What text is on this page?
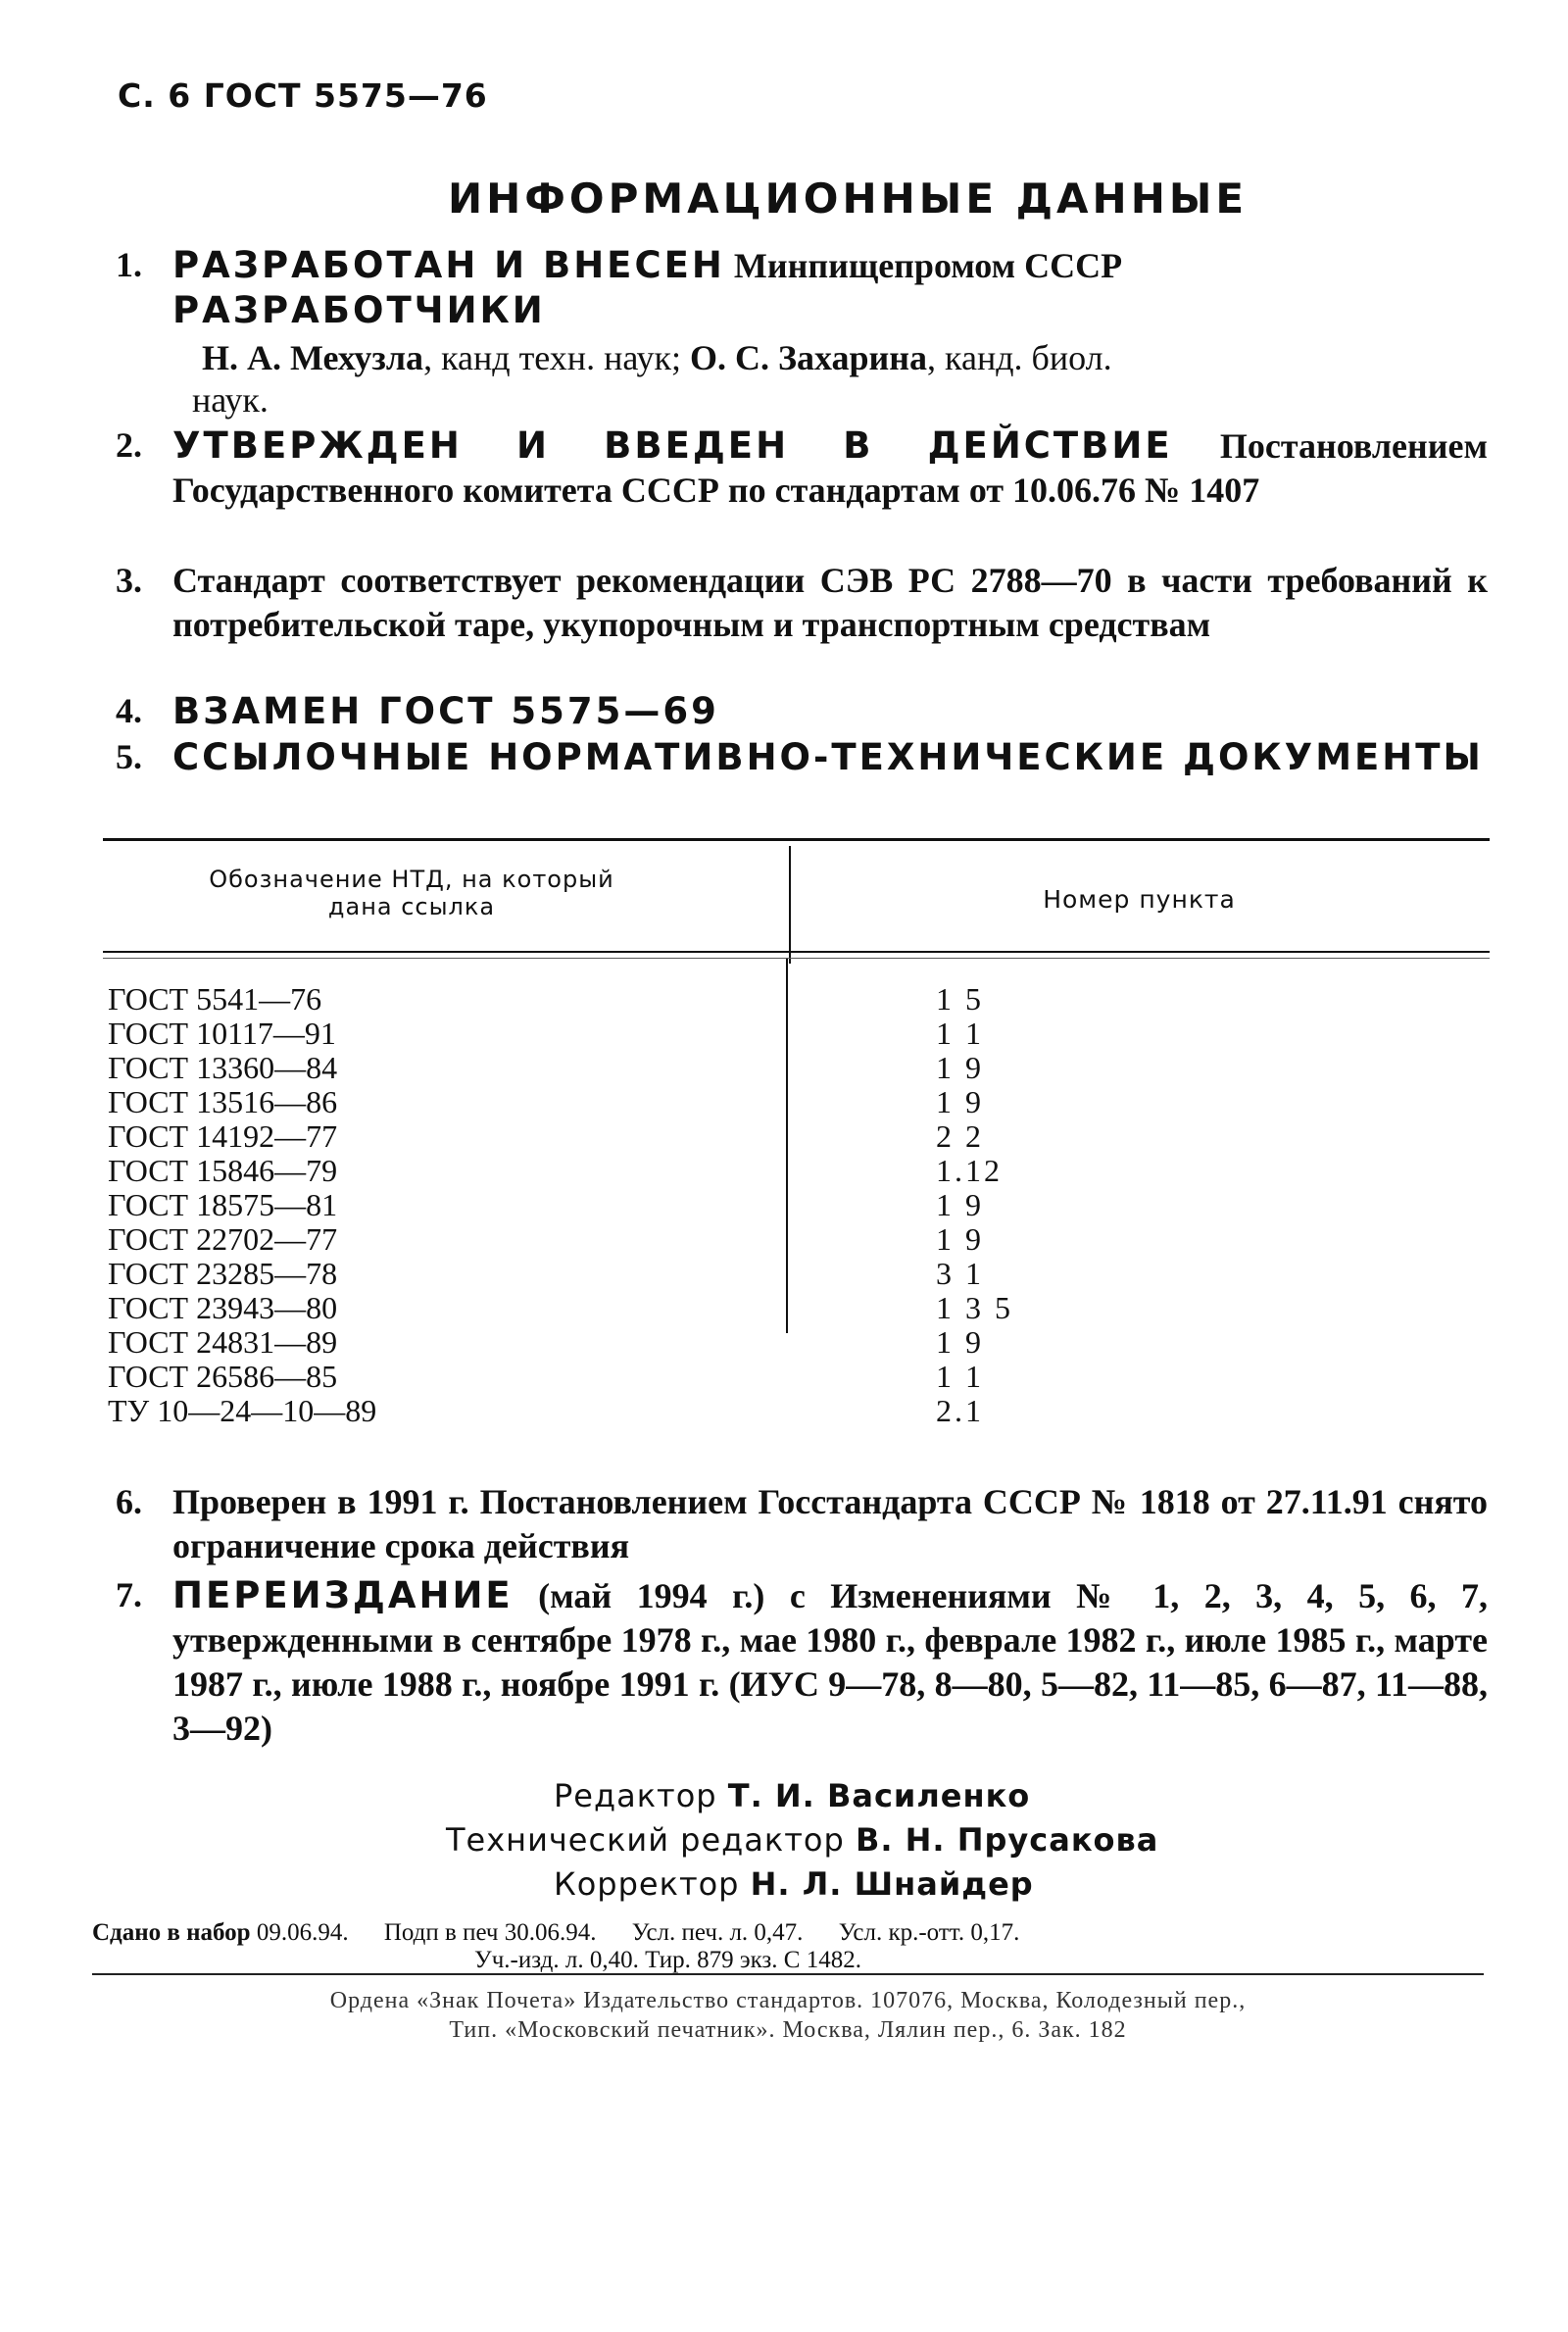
С. 6 ГОСТ 5575—76
ИНФОРМАЦИОННЫЕ ДАННЫЕ
1. РАЗРАБОТАН И ВНЕСЕН Минпищепромом СССР
РАЗРАБОТЧИКИ
Н. А. Мехузла, канд техн. наук; О. С. Захарина, канд. биол.
наук.
2. УТВЕРЖДЕН И ВВЕДЕН В ДЕЙСТВИЕ Постановлением Государственного комитета СССР по стандартам от 10.06.76 № 1407
3. Стандарт соответствует рекомендации СЭВ РС 2788—70 в части требований к потребительской таре, укупорочным и транспортным средствам
4. ВЗАМЕН ГОСТ 5575—69
5. ССЫЛОЧНЫЕ НОРМАТИВНО-ТЕХНИЧЕСКИЕ ДОКУМЕНТЫ
Обозначение НТД, на который дана ссылка	Номер пункта
ГОСТ 5541—76	1 5
ГОСТ 10117—91	1 1
ГОСТ 13360—84	1 9
ГОСТ 13516—86	1 9
ГОСТ 14192—77	2 2
ГОСТ 15846—79	1.12
ГОСТ 18575—81	1 9
ГОСТ 22702—77	1 9
ГОСТ 23285—78	3 1
ГОСТ 23943—80	1 3 5
ГОСТ 24831—89	1 9
ГОСТ 26586—85	1 1
ТУ 10—24—10—89	2.1
6. Проверен в 1991 г. Постановлением Госстандарта СССР № 1818 от 27.11.91 снято ограничение срока действия
7. ПЕРЕИЗДАНИЕ (май 1994 г.) с Изменениями № 1, 2, 3, 4, 5, 6, 7, утвержденными в сентябре 1978 г., мае 1980 г., феврале 1982 г., июле 1985 г., марте 1987 г., июле 1988 г., ноябре 1991 г. (ИУС 9—78, 8—80, 5—82, 11—85, 6—87, 11—88, 3—92)
Редактор Т. И. Василенко
Технический редактор В. Н. Прусакова
Корректор Н. Л. Шнайдер
Сдано в набор 09.06.94. Подп в печ 30.06.94. Усл. печ. л. 0,47. Усл. кр.-отт. 0,17.
Уч.-изд. л. 0,40. Тир. 879 экз. С 1482.
Ордена «Знак Почета» Издательство стандартов. 107076, Москва, Колодезный пер.,
Тип. «Московский печатник». Москва, Лялин пер., 6. Зак. 182
